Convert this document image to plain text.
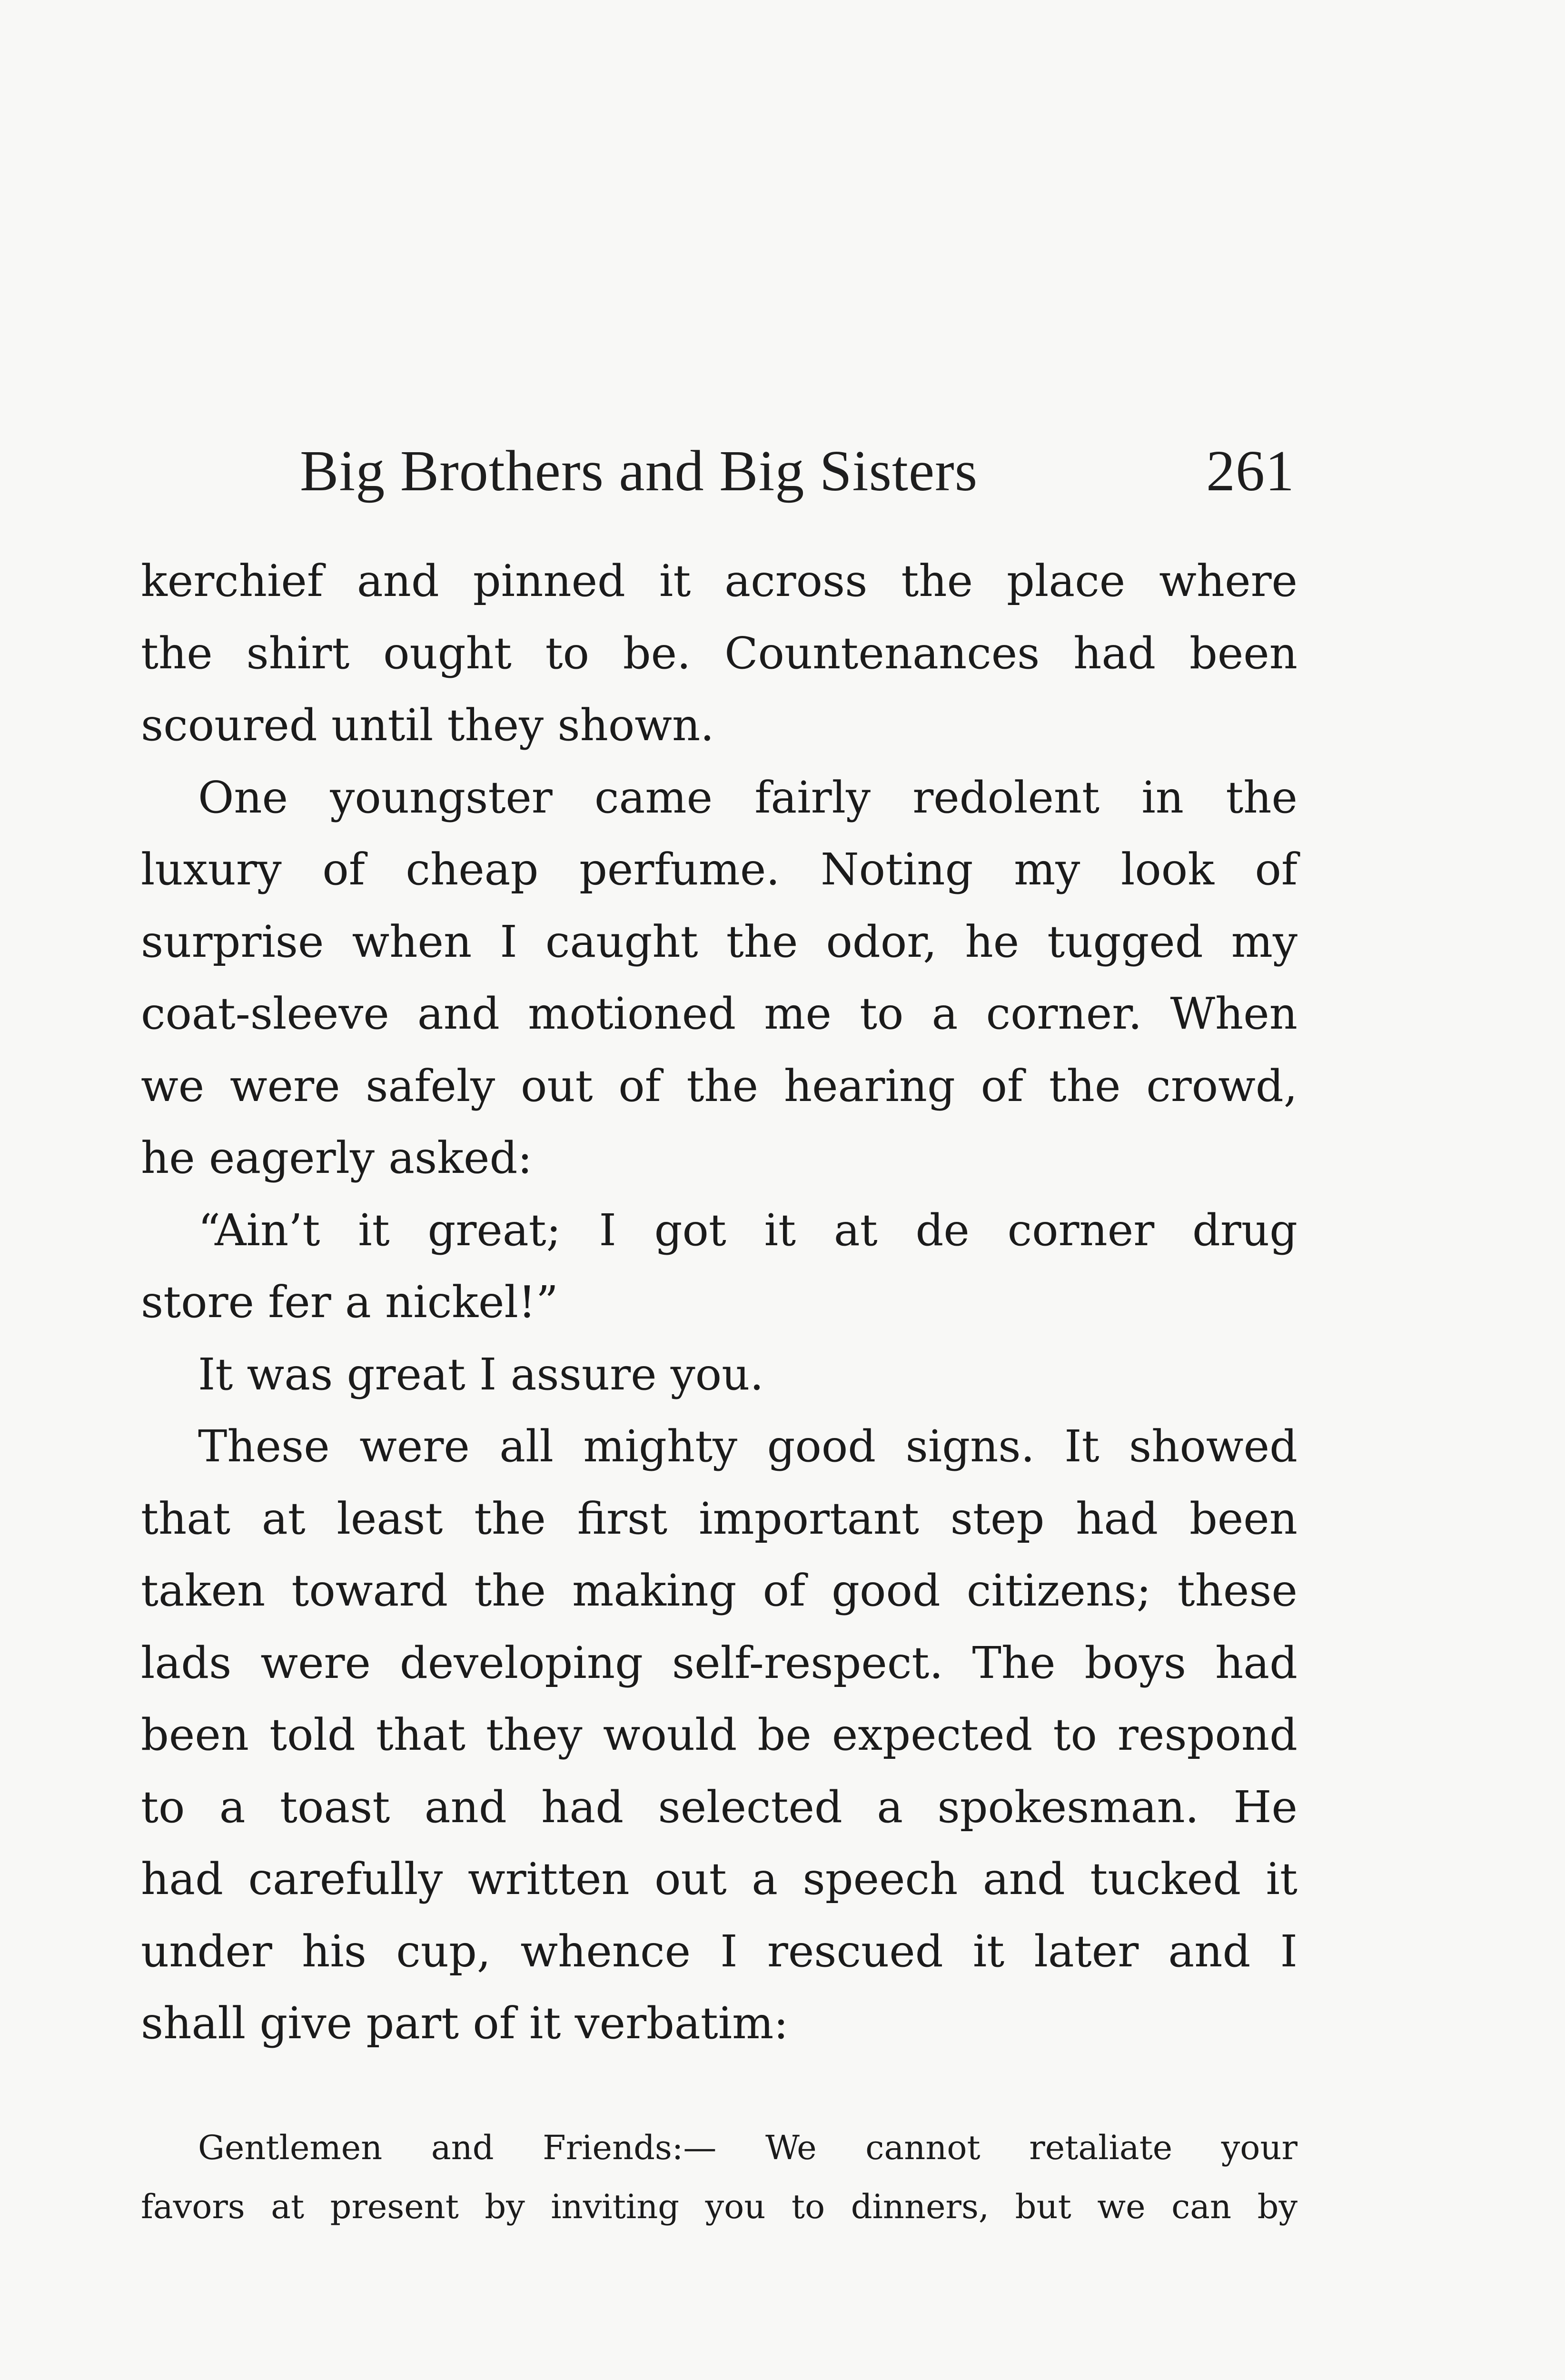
Big Brothers and Big Sisters	261
kerchief and pinned it across the place where
the shirt ought to be. Countenances had been
scoured until they shown.
One youngster came fairly redolent in the
luxury of cheap perfume. Noting my look of
surprise when I caught the odor, he tugged my
coat-sleeve and motioned me to a corner. When
we were safely out of the hearing of the crowd,
he eagerly asked:
“Ain’t it great; I got it at de corner drug
store fer a nickel!”
It was great I assure you.
These were all mighty good signs. It showed
that at least the first important step had been
taken toward the making of good citizens; these
lads were developing self-respect. The boys had
been told that they would be expected to respond
to a toast and had selected a spokesman. He
had carefully written out a speech and tucked it
under his cup, whence I rescued it later and I
shall give part of it verbatim:
Gentlemen and Friends:— We cannot retaliate your
favors at present by inviting you to dinners, but we can by
